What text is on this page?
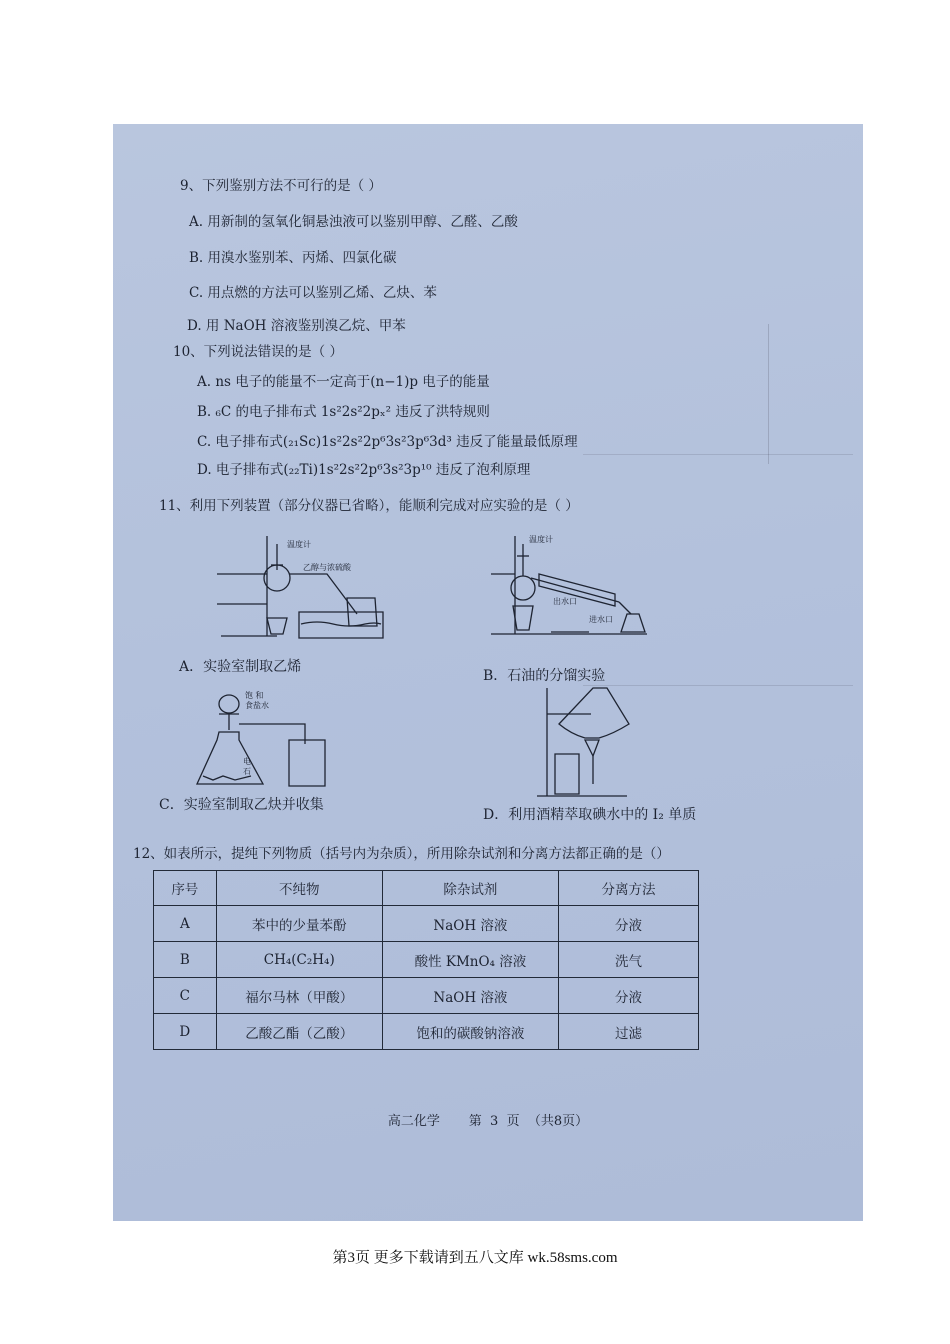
9、下列鉴别方法不可行的是（ ）
A. 用新制的氢氧化铜悬浊液可以鉴别甲醇、乙醛、乙酸
B. 用溴水鉴别苯、丙烯、四氯化碳
C. 用点燃的方法可以鉴别乙烯、乙炔、苯
D. 用 NaOH 溶液鉴别溴乙烷、甲苯
10、下列说法错误的是（ ）
A. ns 电子的能量不一定高于(n−1)p 电子的能量
B. ₆C 的电子排布式 1s²2s²2pₓ² 违反了洪特规则
C. 电子排布式(₂₁Sc)1s²2s²2p⁶3s²3p⁶3d³ 违反了能量最低原理
D. 电子排布式(₂₂Ti)1s²2s²2p⁶3s²3p¹⁰ 违反了泡利原理
11、利用下列装置（部分仪器已省略），能顺利完成对应实验的是（ ）
温度计
乙醇与浓硫酸
A．实验室制取乙烯
温度计
出水口
进水口
B．石油的分馏实验
饱 和
食盐水
电
石
C．实验室制取乙炔并收集
D．利用酒精萃取碘水中的 I₂ 单质
12、如表所示，提纯下列物质（括号内为杂质），所用除杂试剂和分离方法都正确的是（）
序号	不纯物	除杂试剂	分离方法
A	苯中的少量苯酚	NaOH 溶液	分液
B	CH₄(C₂H₄)	酸性 KMnO₄ 溶液	洗气
C	福尔马林（甲酸）	NaOH 溶液	分液
D	乙酸乙酯（乙酸）	饱和的碳酸钠溶液	过滤
高二化学       第  3  页  （共8页）
第3页 更多下载请到五八文库 wk.58sms.com
